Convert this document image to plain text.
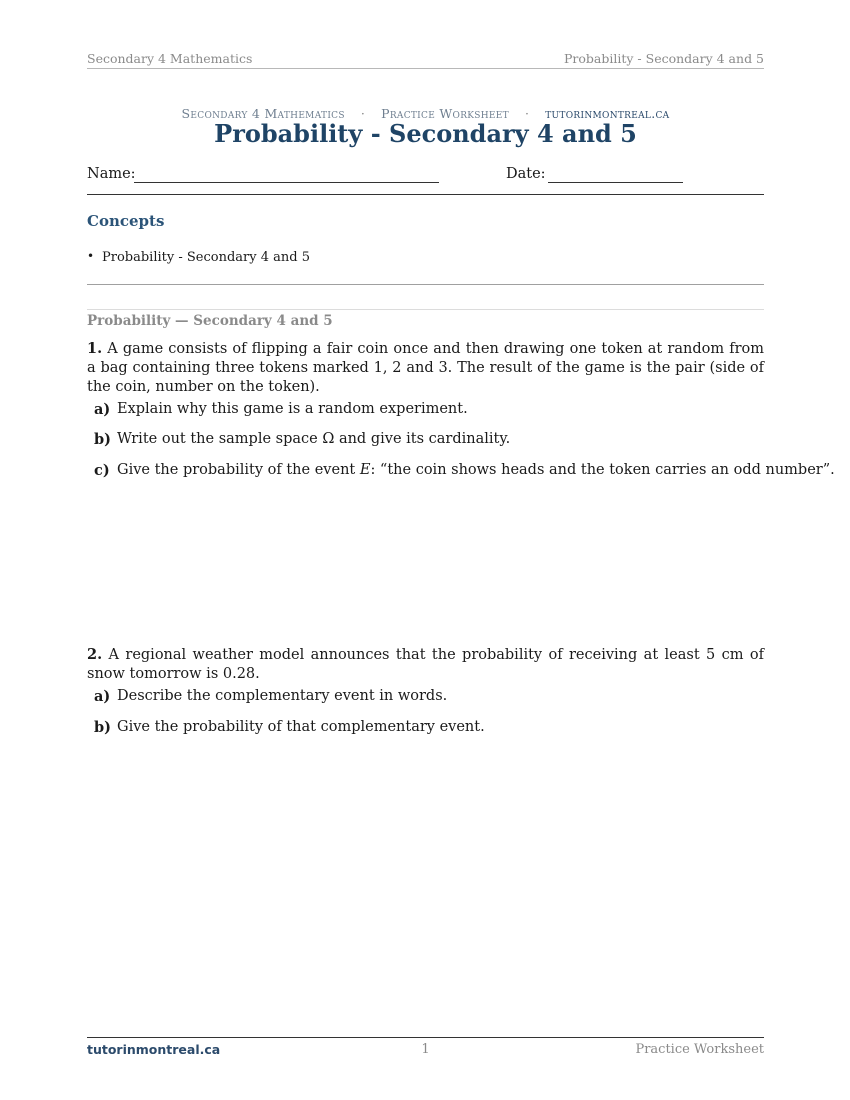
Secondary 4 Mathematics	Probability - Secondary 4 and 5
Secondary 4 Mathematics · Practice Worksheet · tutorinmontreal.ca
Probability - Secondary 4 and 5
Name:	Date:
Concepts
• Probability - Secondary 4 and 5
Probability — Secondary 4 and 5
1. A game consists of flipping a fair coin once and then drawing one token at random from a bag containing three tokens marked 1, 2 and 3. The result of the game is the pair (side of the coin, number on the token).
a) Explain why this game is a random experiment.
b) Write out the sample space Ω and give its cardinality.
c) Give the probability of the event E: “the coin shows heads and the token carries an odd number”.
2. A regional weather model announces that the probability of receiving at least 5 cm of snow tomorrow is 0.28.
a) Describe the complementary event in words.
b) Give the probability of that complementary event.
tutorinmontreal.ca	1	Practice Worksheet
